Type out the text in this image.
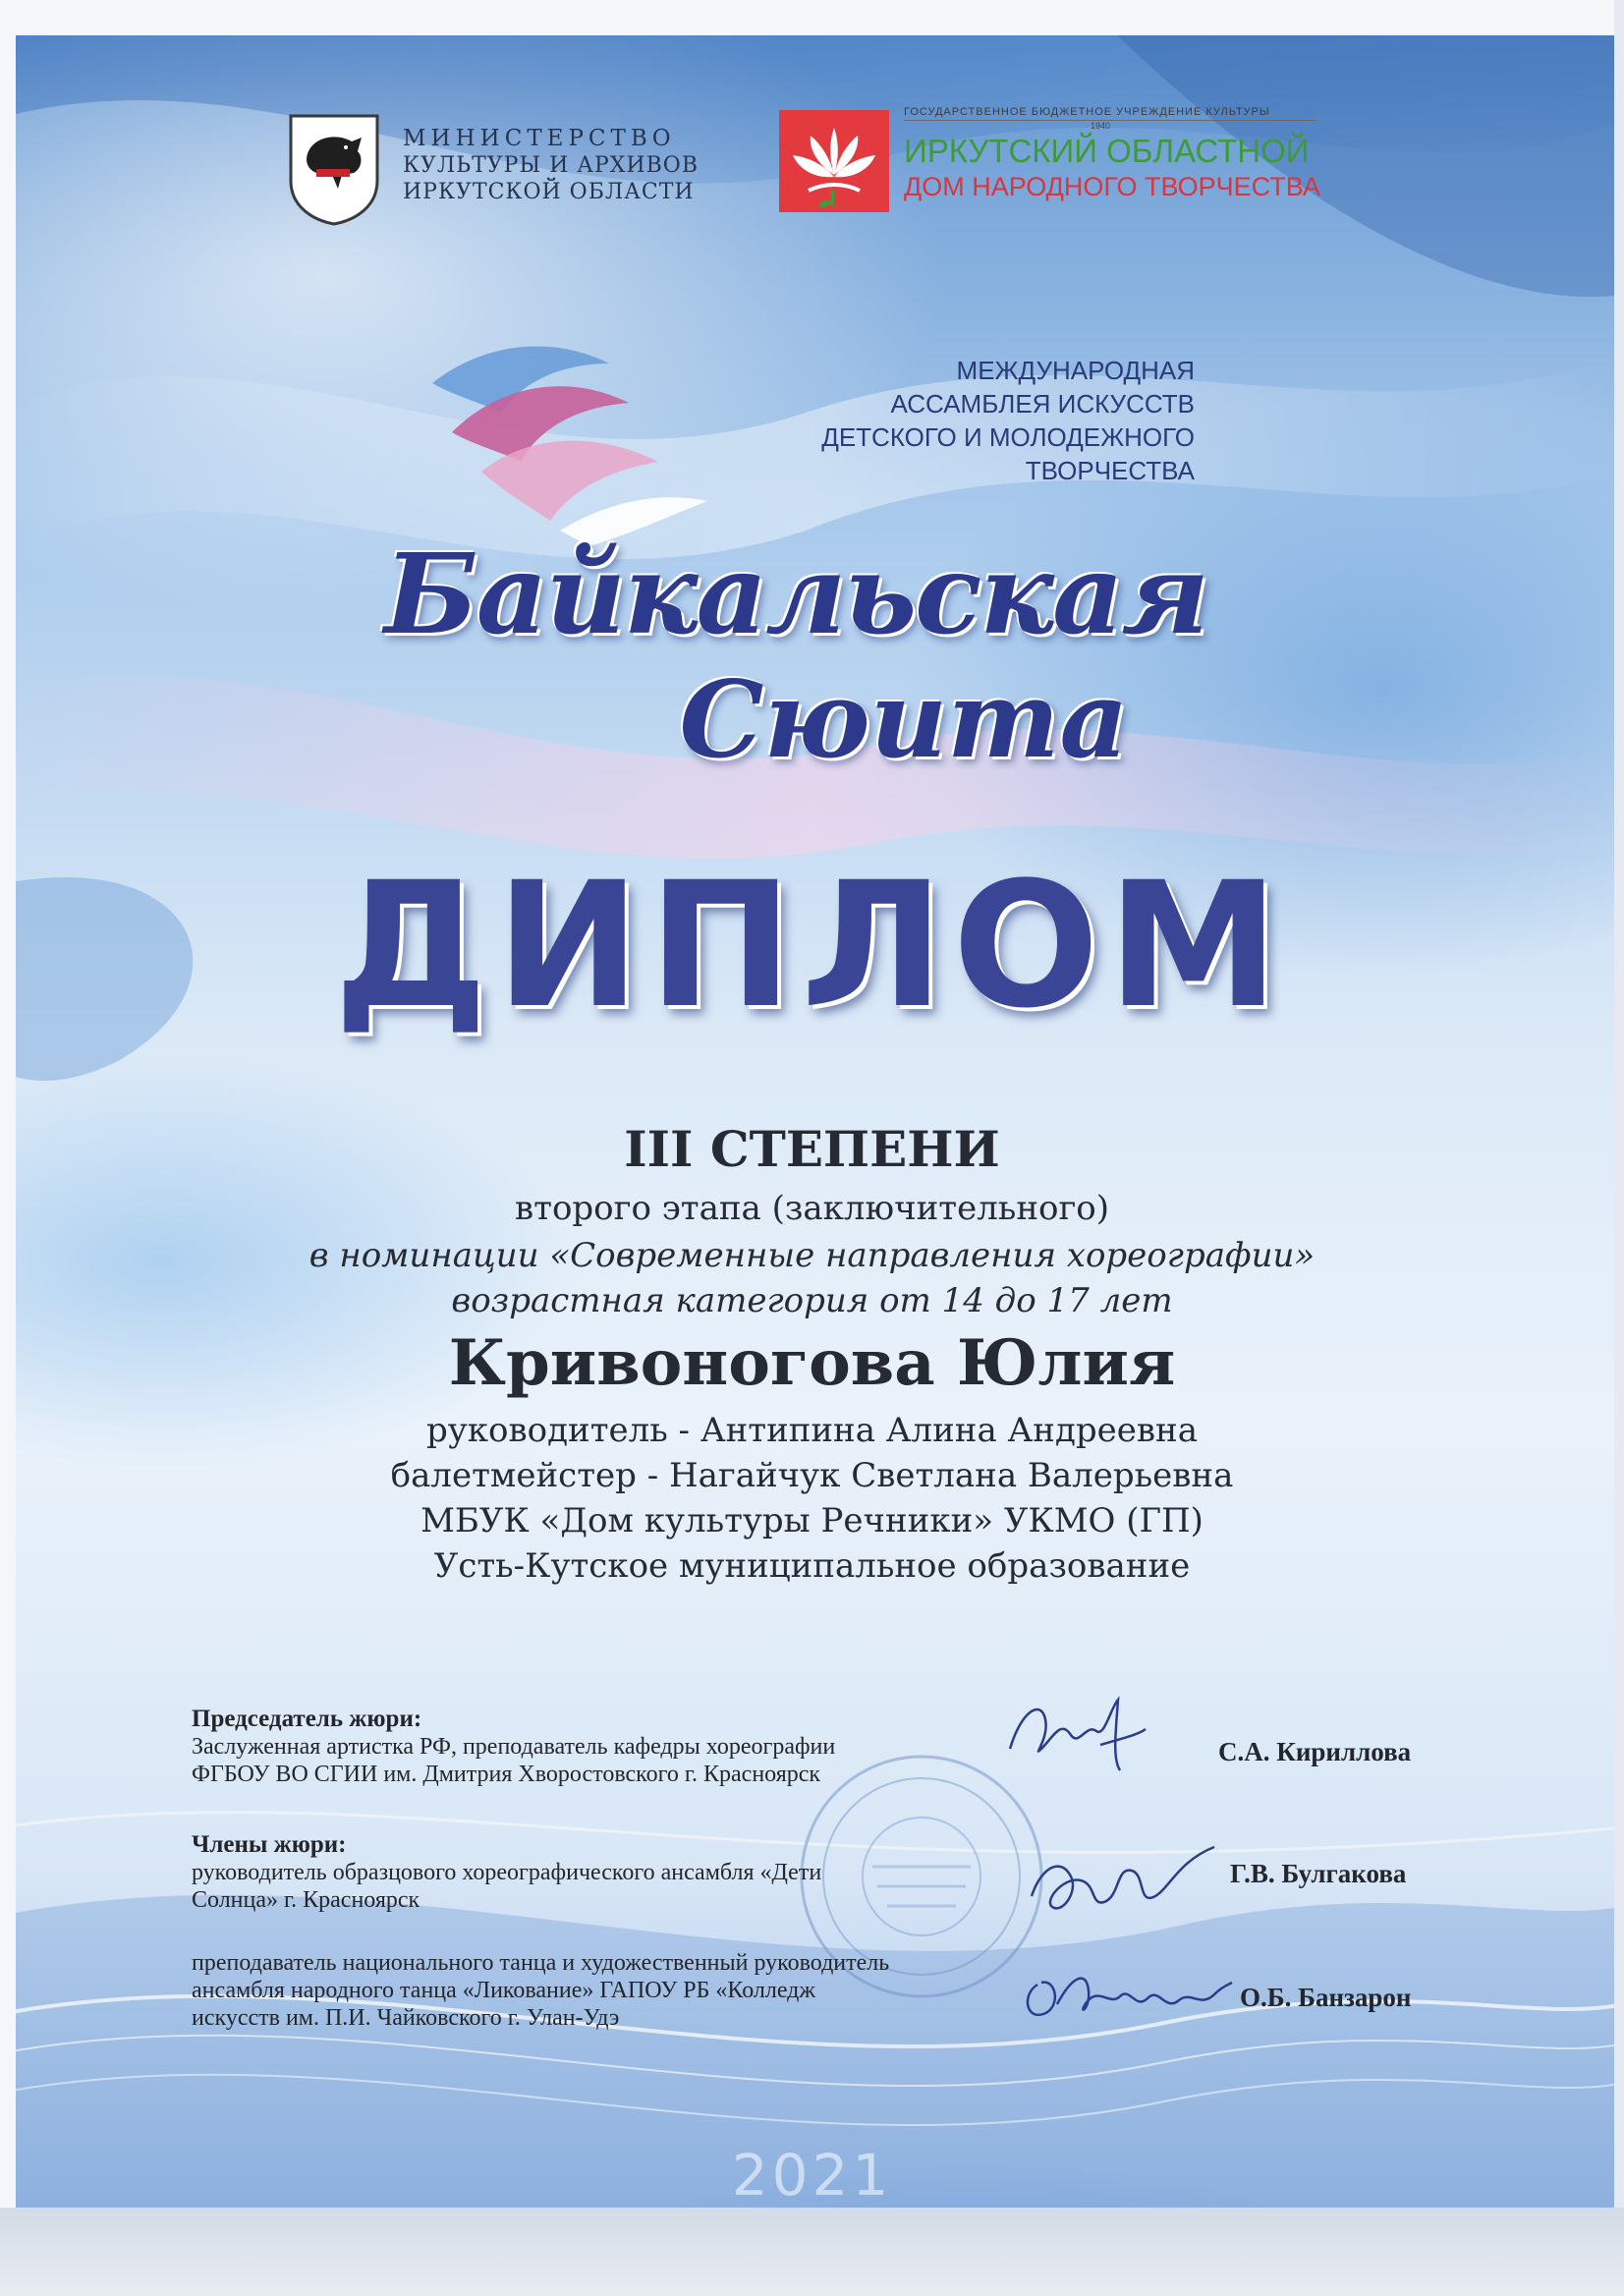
МИНИСТЕРСТВО
КУЛЬТУРЫ И АРХИВОВ
ИРКУТСКОЙ ОБЛАСТИ
ГОСУДАРСТВЕННОЕ БЮДЖЕТНОЕ УЧРЕЖДЕНИЕ КУЛЬТУРЫ
1940
ИРКУТСКИЙ ОБЛАСТНОЙ
ДОМ НАРОДНОГО ТВОРЧЕСТВА
МЕЖДУНАРОДНАЯ
АССАМБЛЕЯ ИСКУССТВ
ДЕТСКОГО И МОЛОДЕЖНОГО
ТВОРЧЕСТВА
Байкальская
Сюита
ДИПЛОМ
III СТЕПЕНИ
второго этапа (заключительного)
в номинации «Современные направления хореографии»
возрастная категория от 14 до 17 лет
Кривоногова Юлия
руководитель - Антипина Алина Андреевна
балетмейстер - Нагайчук Светлана Валерьевна
МБУК «Дом культуры Речники» УКМО (ГП)
Усть-Кутское муниципальное образование
Председатель жюри:
Заслуженная артистка РФ, преподаватель кафедры хореографии
ФГБОУ ВО СГИИ им. Дмитрия Хворостовского г. Красноярск
С.А. Кириллова
Члены жюри:
руководитель образцового хореографического ансамбля «Дети
Солнца» г. Красноярск
Г.В. Булгакова
преподаватель национального танца и художественный руководитель
ансамбля народного танца «Ликование» ГАПОУ РБ «Колледж
искусств им. П.И. Чайковского г. Улан-Удэ
О.Б. Банзарон
2021
